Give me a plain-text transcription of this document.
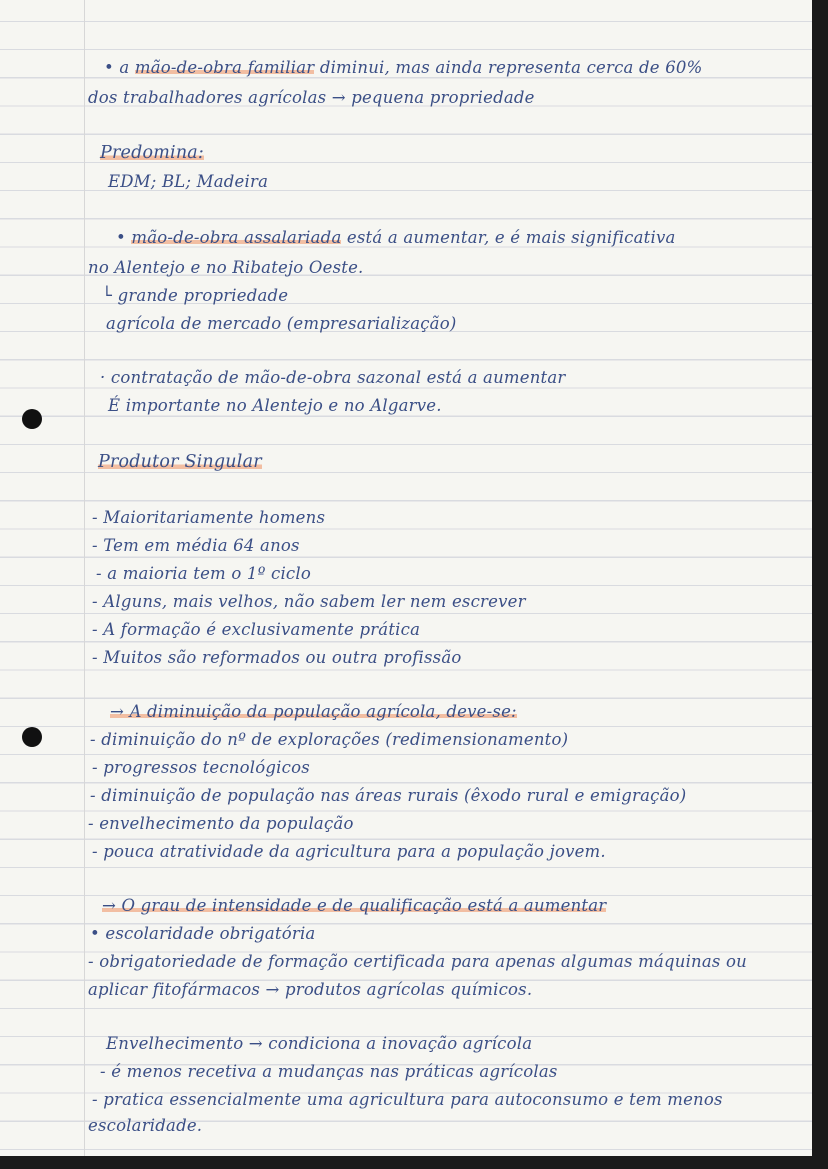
• a mão-de-obra familiar diminui, mas ainda representa cerca de 60%
dos trabalhadores agrícolas → pequena propriedade
Predomina:
EDM; BL; Madeira
• mão-de-obra assalariada está a aumentar, e é mais significativa
no Alentejo e no Ribatejo Oeste.
└ grande propriedade
agrícola de mercado (empresarialização)
· contratação de mão-de-obra sazonal está a aumentar
É importante no Alentejo e no Algarve.
Produtor Singular
- Maioritariamente homens
- Tem em média 64 anos
- a maioria tem o 1º ciclo
- Alguns, mais velhos, não sabem ler nem escrever
- A formação é exclusivamente prática
- Muitos são reformados ou outra profissão
→ A diminuição da população agrícola, deve-se:
- diminuição do nº de explorações (redimensionamento)
- progressos tecnológicos
- diminuição de população nas áreas rurais (êxodo rural e emigração)
- envelhecimento da população
- pouca atratividade da agricultura para a população jovem.
→ O grau de intensidade e de qualificação está a aumentar
• escolaridade obrigatória
- obrigatoriedade de formação certificada para apenas algumas máquinas ou
aplicar fitofármacos → produtos agrícolas químicos.
Envelhecimento → condiciona a inovação agrícola
- é menos recetiva a mudanças nas práticas agrícolas
- pratica essencialmente uma agricultura para autoconsumo e tem menos
escolaridade.
